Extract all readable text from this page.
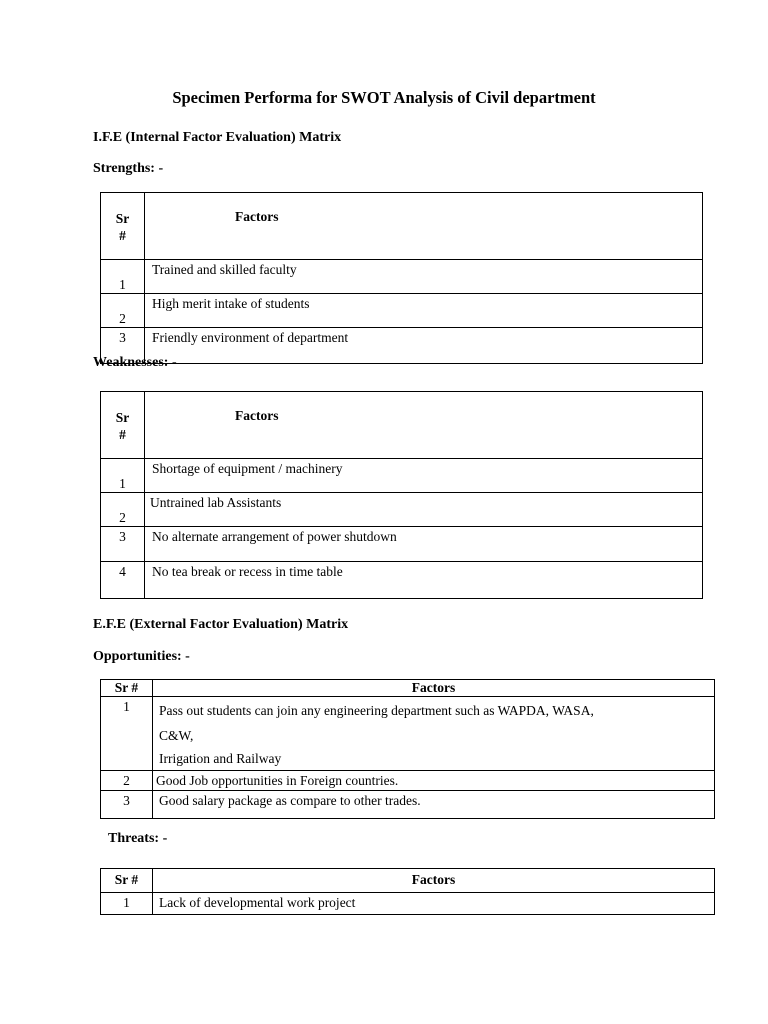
Specimen Performa for SWOT Analysis of Civil department
I.F.E (Internal Factor Evaluation) Matrix
Strengths: -
Sr
#	Factors
1	Trained and skilled faculty
2	High merit intake of students
3	Friendly environment of department
Weaknesses: -
Sr
#	Factors
1	Shortage of equipment / machinery
2	Untrained lab Assistants
3	No alternate arrangement of power shutdown
4	No tea break or recess in time table
E.F.E (External Factor Evaluation) Matrix
Opportunities: -
Sr #	Factors
1	Pass out students can join any engineering department such as WAPDA, WASA,
C&W,
Irrigation and Railway

2	Good Job opportunities in Foreign countries.
3	Good salary package as compare to other trades.
Threats: -
Sr #	Factors
1	Lack of developmental work project
